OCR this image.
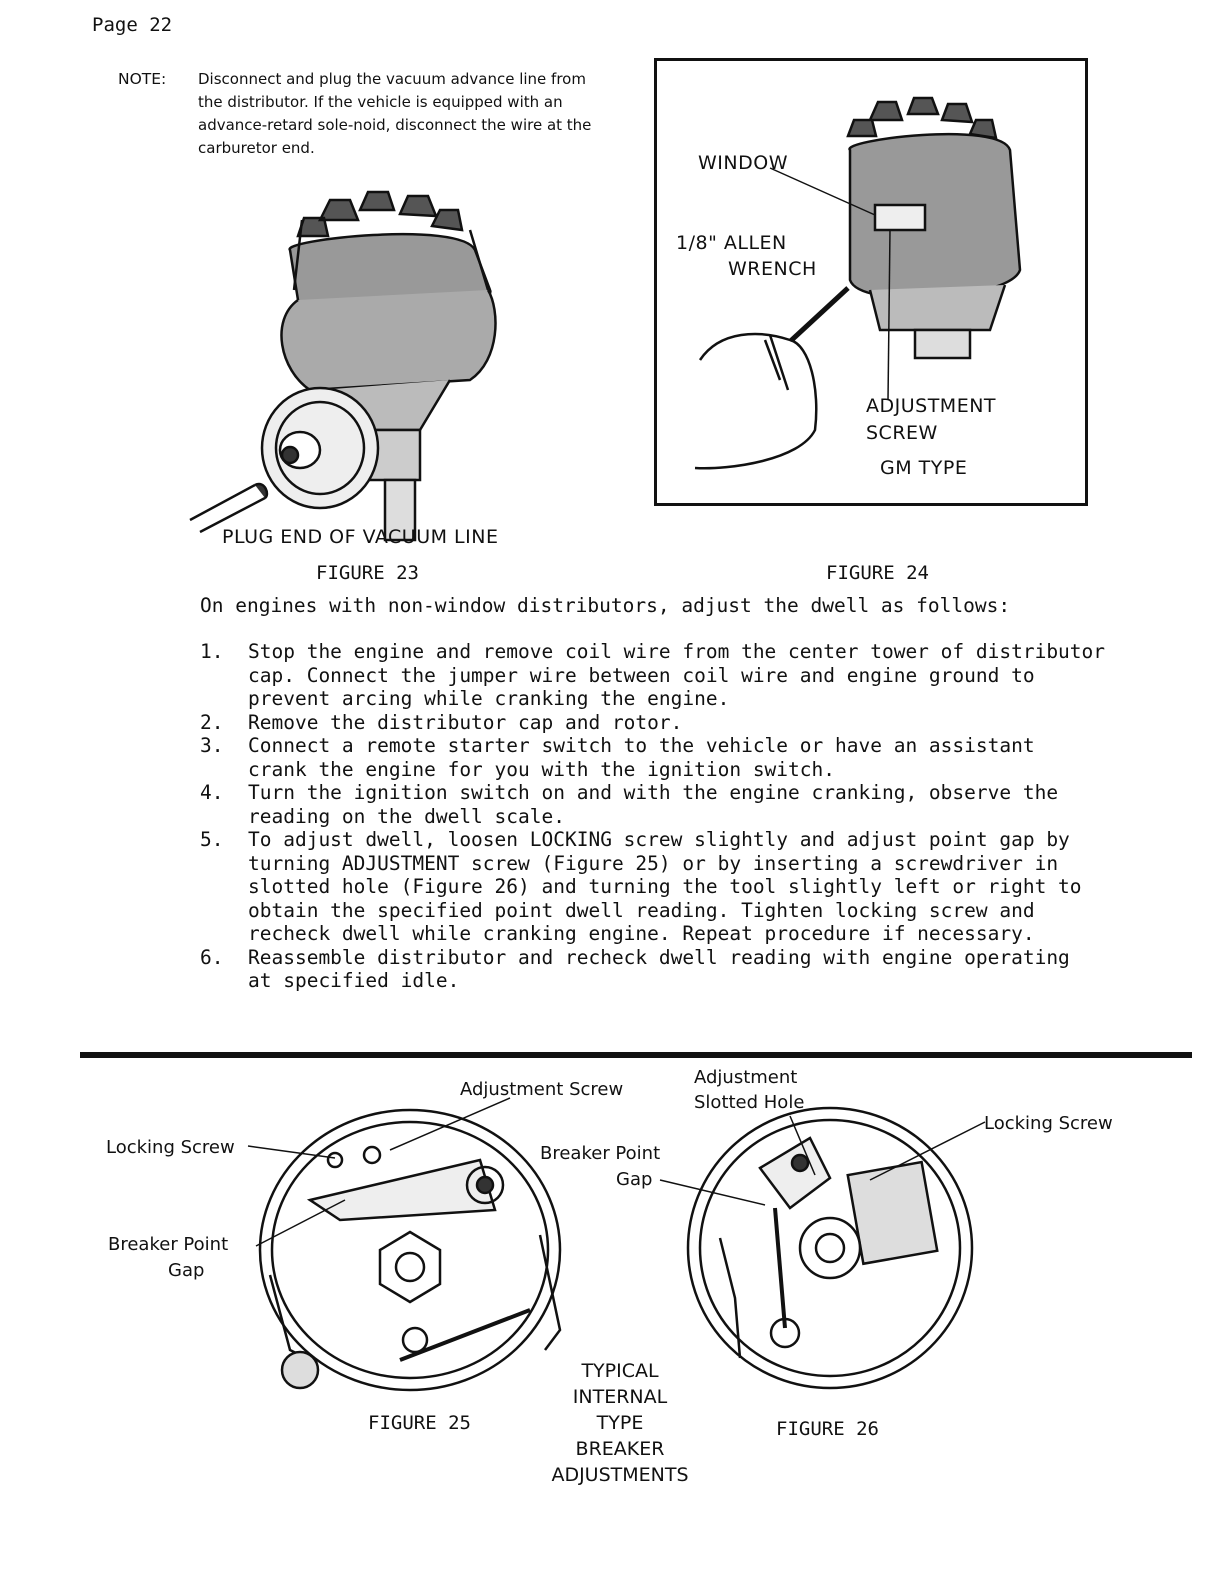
Page 22
NOTE: Disconnect and plug the vacuum advance line from the distributor. If the vehicle is equipped with an advance-retard sole-noid, disconnect the wire at the carburetor end.
PLUG END OF VACUUM LINE
FIGURE 23
WINDOW
1/8" ALLEN
WRENCH
ADJUSTMENT
SCREW
GM TYPE
FIGURE 24
On engines with non-window distributors, adjust the dwell as follows:
1. Stop the engine and remove coil wire from the center tower of distributor
cap. Connect the jumper wire between coil wire and engine ground to
prevent arcing while cranking the engine.
2. Remove the distributor cap and rotor.
3. Connect a remote starter switch to the vehicle or have an assistant
crank the engine for you with the ignition switch.
4. Turn the ignition switch on and with the engine cranking, observe the
reading on the dwell scale.
5. To adjust dwell, loosen LOCKING screw slightly and adjust point gap by
turning ADJUSTMENT screw (Figure 25) or by inserting a screwdriver in
slotted hole (Figure 26) and turning the tool slightly left or right to
obtain the specified point dwell reading. Tighten locking screw and
recheck dwell while cranking engine. Repeat procedure if necessary.
6. Reassemble distributor and recheck dwell reading with engine operating
at specified idle.
Adjustment Screw
Locking Screw
Breaker Point
Gap
FIGURE 25
Adjustment
Slotted Hole
Locking Screw
Breaker Point
Gap
FIGURE 26
TYPICAL
INTERNAL
TYPE
BREAKER
ADJUSTMENTS
